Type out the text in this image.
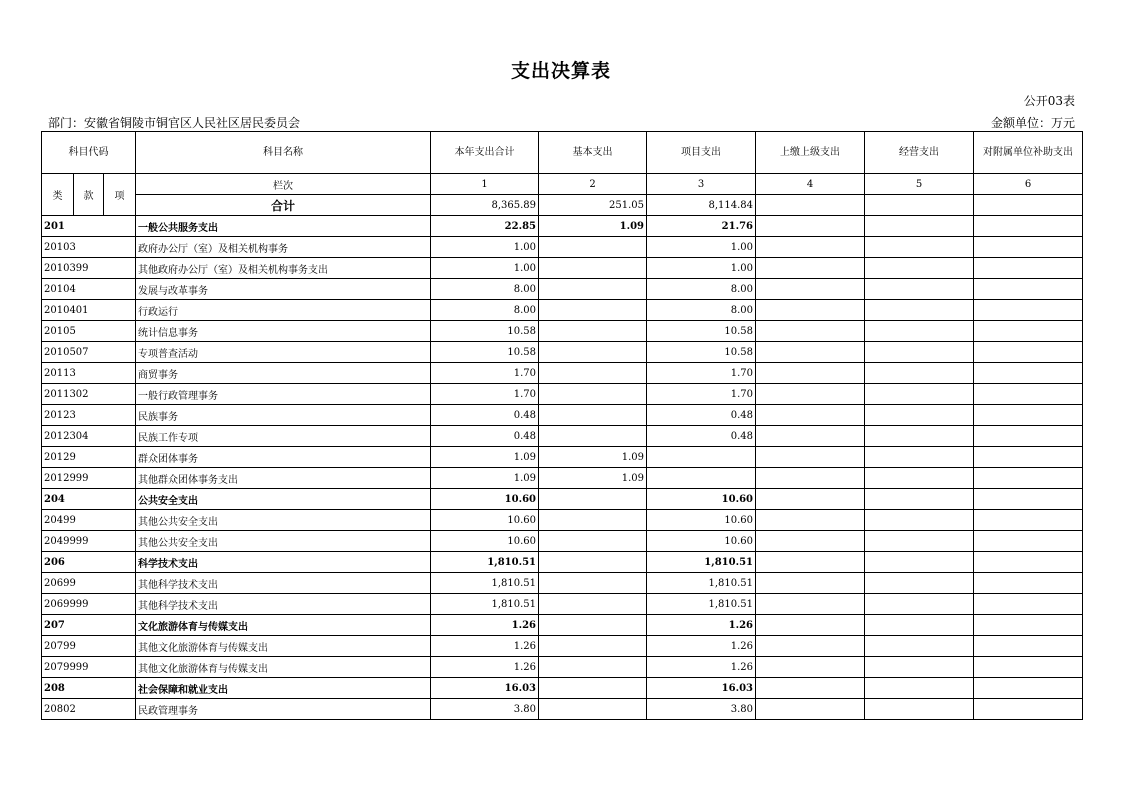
支出决算表
公开03表
部门：安徽省铜陵市铜官区人民社区居民委员会	金额单位：万元
科目代码			科目名称	本年支出合计	基本支出	项目支出	上缴上级支出	经营支出	对附属单位补助支出
类	款	项	栏次	1	2	3	4	5	6
			合计	8,365.89	251.05	8,114.84			
201			一般公共服务支出	22.85	1.09	21.76			
20103			政府办公厅（室）及相关机构事务	1.00		1.00			
2010399			其他政府办公厅（室）及相关机构事务支出	1.00		1.00			
20104			发展与改革事务	8.00		8.00			
2010401			行政运行	8.00		8.00			
20105			统计信息事务	10.58		10.58			
2010507			专项普查活动	10.58		10.58			
20113			商贸事务	1.70		1.70			
2011302			一般行政管理事务	1.70		1.70			
20123			民族事务	0.48		0.48			
2012304			民族工作专项	0.48		0.48			
20129			群众团体事务	1.09	1.09				
2012999			其他群众团体事务支出	1.09	1.09				
204			公共安全支出	10.60		10.60			
20499			其他公共安全支出	10.60		10.60			
2049999			其他公共安全支出	10.60		10.60			
206			科学技术支出	1,810.51		1,810.51			
20699			其他科学技术支出	1,810.51		1,810.51			
2069999			其他科学技术支出	1,810.51		1,810.51			
207			文化旅游体育与传媒支出	1.26		1.26			
20799			其他文化旅游体育与传媒支出	1.26		1.26			
2079999			其他文化旅游体育与传媒支出	1.26		1.26			
208			社会保障和就业支出	16.03		16.03			
20802			民政管理事务	3.80		3.80			
